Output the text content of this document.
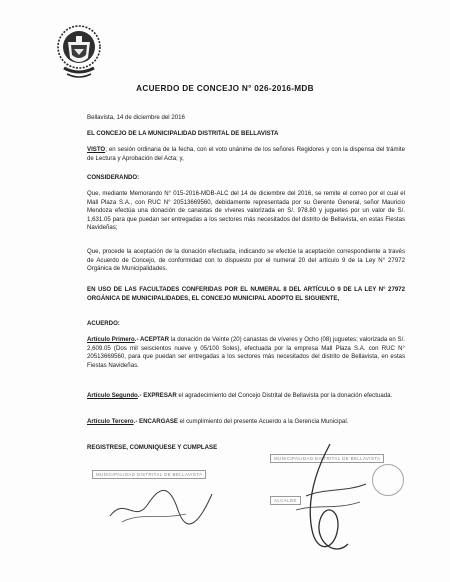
ACUERDO DE CONCEJO N° 026-2016-MDB
Bellavista, 14 de diciembre del 2016
EL CONCEJO DE LA MUNICIPALIDAD DISTRITAL DE BELLAVISTA
VISTO; en sesión ordinaria de la fecha, con el voto unánime de los señores Regidores y con la dispensa del trámite de Lectura y Aprobación del Acta; y,
CONSIDERANDO:
Que, mediante Memorando N° 015-2016-MDB-ALC del 14 de diciembre del 2016, se remite el correo por el cual el Mall Plaza S.A., con RUC N° 20513669560, debidamente representada por su Gerente General, señor Mauricio Mendoza efectúa una donación de canastas de víveres valorizada en S/. 978.80 y juguetes por un valor de S/. 1,631.05 para que puedan ser entregadas a los sectores más necesitados del distrito de Bellavista, en estas Fiestas Navideñas;
Que, procede la aceptación de la donación efectuada, indicando se efectúe la aceptación correspondiente a través de Acuerdo de Concejo, de conformidad con lo dispuesto por el numeral 20 del artículo 9 de la Ley N° 27972 Orgánica de Municipalidades.
EN USO DE LAS FACULTADES CONFERIDAS POR EL NUMERAL 8 DEL ARTÍCULO 9 DE LA LEY N° 27972 ORGÁNICA DE MUNICIPALIDADES, EL CONCEJO MUNICIPAL ADOPTO EL SIGUIENTE,
ACUERDO:
Artículo Primero.- ACEPTAR la donación de Veinte (20) canastas de víveres y Ocho (08) juguetes; valorizada en S/. 2,609.05 (Dos mil seiscientos nueve y 05/100 Soles), efectuada por la empresa Mall Plaza S.A. con RUC N° 20513669560, para que puedan ser entregadas a los sectores más necesitados del distrito de Bellavista, en estas Fiestas Navideñas.
Artículo Segundo.- EXPRESAR el agradecimiento del Concejo Distrital de Bellavista por la donación efectuada.
Artículo Tercero.- ENCARGASE el cumplimiento del presente Acuerdo a la Gerencia Municipal.
REGISTRESE, COMUNIQUESE Y CUMPLASE
MUNICIPALIDAD DISTRITAL DE BELLAVISTA
MUNICIPALIDAD DISTRITAL DE BELLAVISTA
ALCALDE
